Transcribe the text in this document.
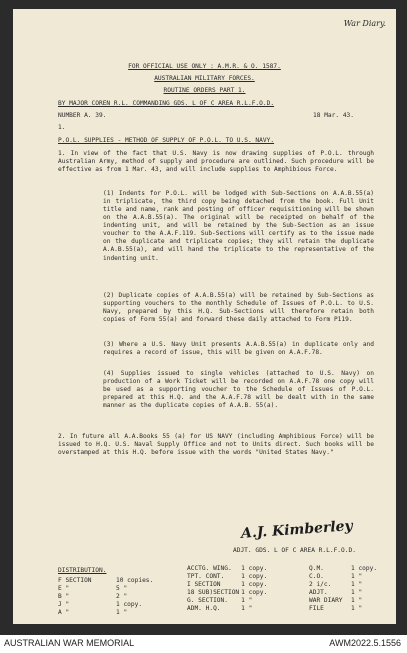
War Diary.
FOR OFFICIAL USE ONLY : A.M.R. & O. 1587.
AUSTRALIAN MILITARY FORCES.
ROUTINE ORDERS PART 1.
BY MAJOR COREN R.L. COMMANDING GDS. L OF C AREA R.L.F.O.D.
NUMBER A. 39.	18 Mar. 43.
1.
P.O.L. SUPPLIES - METHOD OF SUPPLY OF P.O.L. TO U.S. NAVY.
1. In view of the fact that U.S. Navy is now drawing supplies of P.O.L. through Australian Army, method of supply and procedure are outlined. Such procedure will be effective as from 1 Mar. 43, and will include supplies to Amphibious Force.
(1) Indents for P.O.L. will be lodged with Sub-Sections on A.A.B.55(a) in triplicate, the third copy being detached from the book. Full Unit title and name, rank and posting of officer requisitioning will be shown on the A.A.B.55(a). The original will be receipted on behalf of the indenting unit, and will be retained by the Sub-Section as an issue voucher to the A.A.F.119. Sub-Sections will certify as to the issue made on the duplicate and triplicate copies; they will retain the duplicate A.A.B.55(a), and will hand the triplicate to the representative of the indenting unit.
(2) Duplicate copies of A.A.B.55(a) will be retained by Sub-Sections as supporting vouchers to the monthly Schedule of Issues of P.O.L. to U.S. Navy, prepared by this H.Q. Sub-Sections will therefore retain both copies of Form 55(a) and forward these daily attached to Form P119.
(3) Where a U.S. Navy Unit presents A.A.B.55(a) in duplicate only and requires a record of issue, this will be given on A.A.F.78.
(4) Supplies issued to single vehicles (attached to U.S. Navy) on production of a Work Ticket will be recorded on A.A.F.78 one copy will be used as a supporting voucher to the Schedule of Issues of P.O.L. prepared at this H.Q. and the A.A.F.78 will be dealt with in the same manner as the duplicate copies of A.A.B. 55(a).
2. In future all A.A.Books 55 (a) for US NAVY (including Amphibious Force) will be issued to H.Q. U.S. Naval Supply Office and not to Units direct. Such books will be overstamped at this H.Q. before issue with the words "United States Navy."
A.J. Kimberley
ADJT. GDS. L OF C AREA R.L.F.O.D.
DISTRIBUTION.
F SECTION	10 copies.
E "	5 "
B "	2 "
J "	1 copy.
A "	1 "
ACCTG. WING.	1 copy.
TPT. CONT.	1 copy.
I SECTION	1 copy.
18 SUB)SECTION	1 copy.
G. SECTION.	1 "
ADM. H.Q.	1 "
Q.M.	1 copy.
C.O.	1 "
2 i/c.	1 "
ADJT.	1 "
WAR DIARY	1 "
FILE	1 "
AUSTRALIAN WAR MEMORIAL	AWM2022.5.1556
